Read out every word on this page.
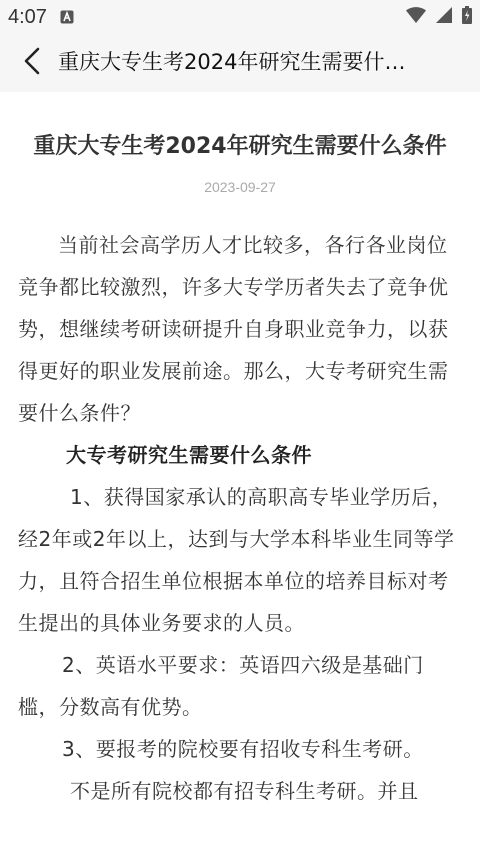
4:07
重庆大专生考2024年研究生需要什…
重庆大专生考2024年研究生需要什么条件
2023-09-27

当前社会高学历人才比较多，各行各业岗位竞争都比较激烈，许多大专学历者失去了竞争优势，想继续考研读研提升自身职业竞争力，以获得更好的职业发展前途。那么，大专考研究生需要什么条件？

大专考研究生需要什么条件

1、获得国家承认的高职高专毕业学历后，经2年或2年以上，达到与大学本科毕业生同等学力，且符合招生单位根据本单位的培养目标对考生提出的具体业务要求的人员。

2、英语水平要求：英语四六级是基础门槛，分数高有优势。

3、要报考的院校要有招收专科生考研。

不是所有院校都有招专科生考研。并且
